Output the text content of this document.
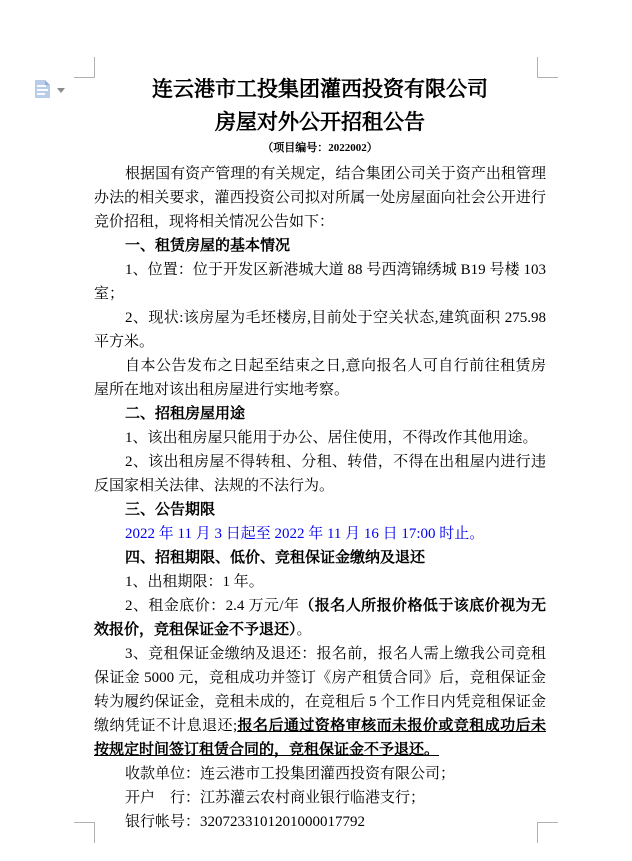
连云港市工投集团灌西投资有限公司
房屋对外公开招租公告
（项目编号：2022002）

根据国有资产管理的有关规定，结合集团公司关于资产出租管理办法的相关要求，灌西投资公司拟对所属一处房屋面向社会公开进行竞价招租，现将相关情况公告如下：

一、租赁房屋的基本情况

1、位置：位于开发区新港城大道 88 号西湾锦绣城 B19 号楼 103 室；

2、现状:该房屋为毛坯楼房,目前处于空关状态,建筑面积 275.98 平方米。

自本公告发布之日起至结束之日,意向报名人可自行前往租赁房屋所在地对该出租房屋进行实地考察。

二、招租房屋用途

1、该出租房屋只能用于办公、居住使用，不得改作其他用途。

2、该出租房屋不得转租、分租、转借，不得在出租屋内进行违反国家相关法律、法规的不法行为。

三、公告期限

2022 年 11 月 3 日起至 2022 年 11 月 16 日 17:00 时止。

四、招租期限、低价、竞租保证金缴纳及退还

1、出租期限：1 年。

2、租金底价：2.4 万元/年（报名人所报价格低于该底价视为无效报价，竞租保证金不予退还）。

3、竞租保证金缴纳及退还：报名前，报名人需上缴我公司竞租保证金 5000 元，竞租成功并签订《房产租赁合同》后，竞租保证金转为履约保证金，竞租未成的，在竞租后 5 个工作日内凭竞租保证金缴纳凭证不计息退还;报名后通过资格审核而未报价或竞租成功后未按规定时间签订租赁合同的，竞租保证金不予退还。

收款单位：连云港市工投集团灌西投资有限公司；

开户　行：江苏灌云农村商业银行临港支行；

银行帐号：3207233101201000017792
